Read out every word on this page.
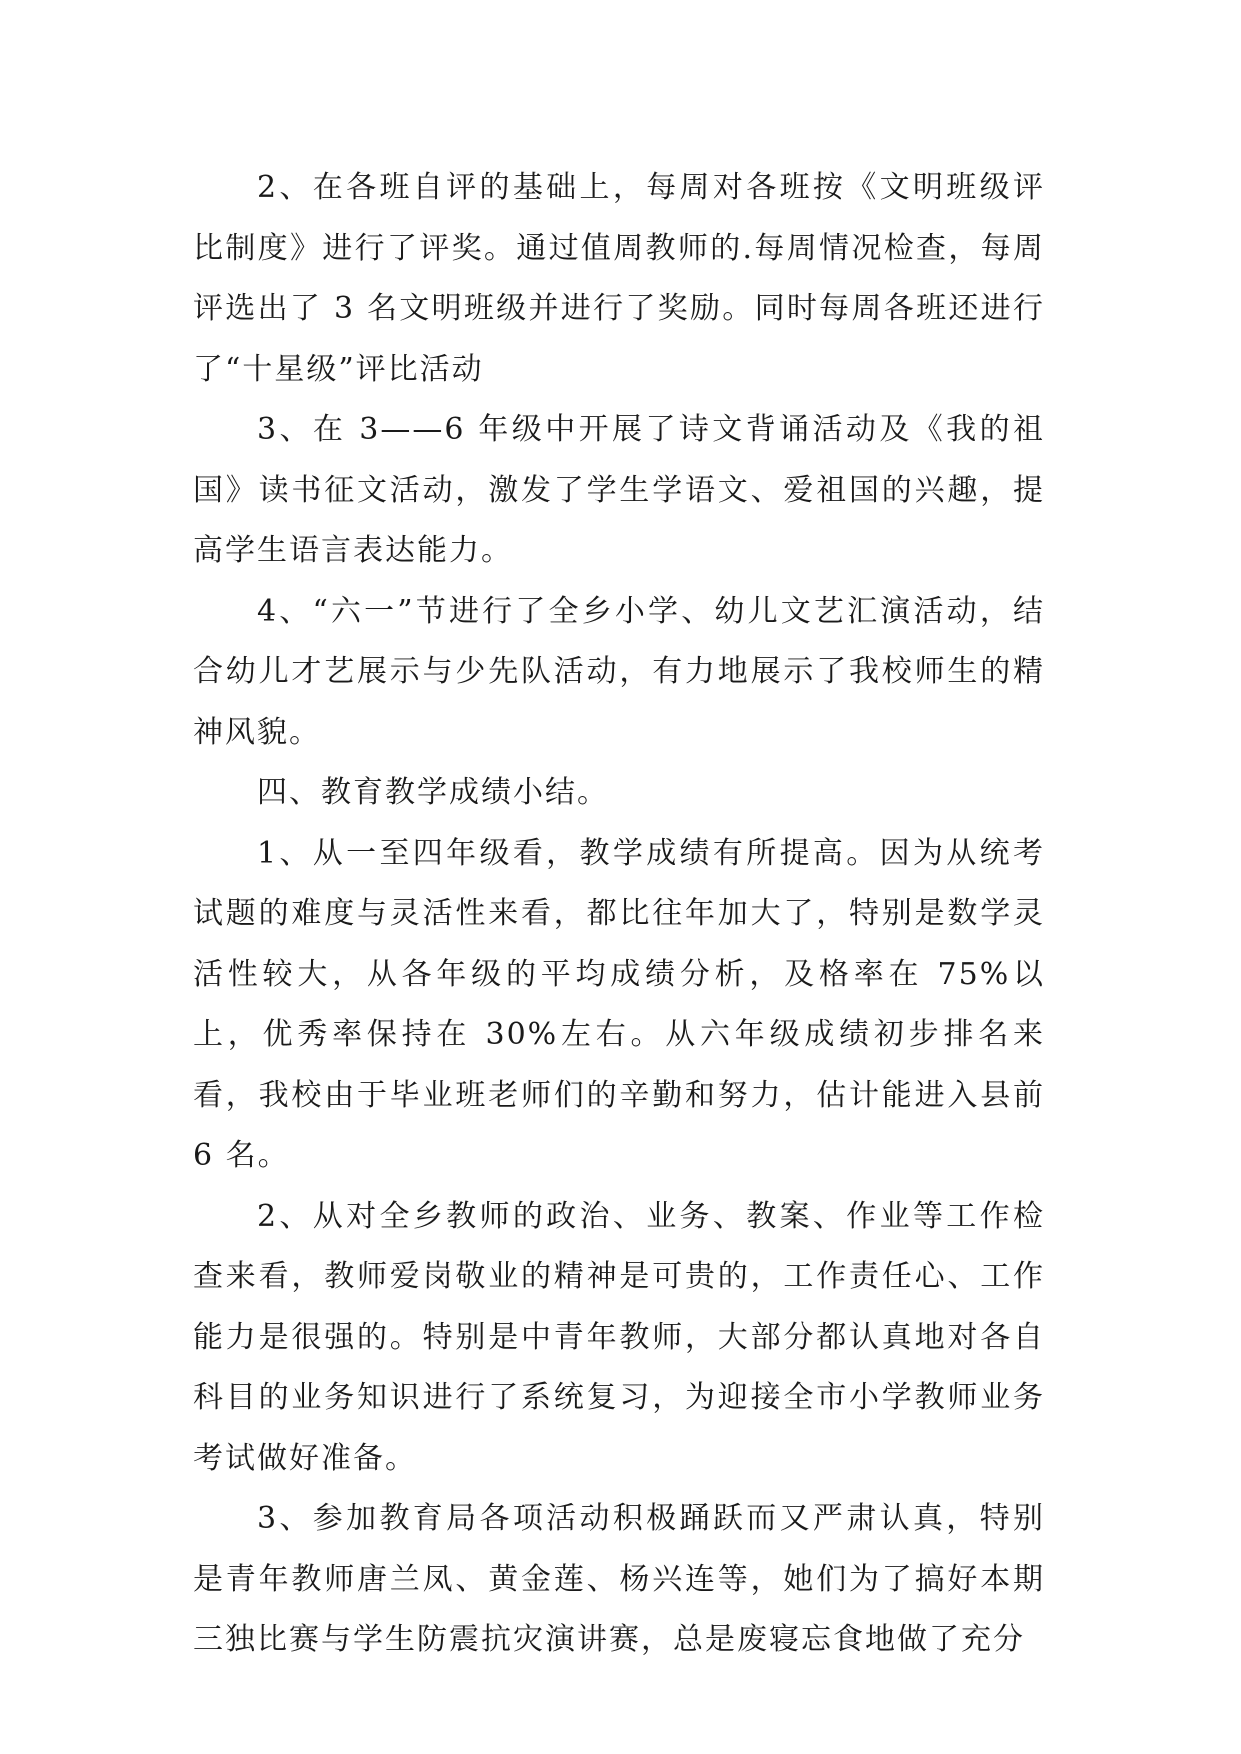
2、在各班自评的基础上，每周对各班按《文明班级评比制度》进行了评奖。通过值周教师的.每周情况检查，每周评选出了 3 名文明班级并进行了奖励。同时每周各班还进行了“十星级”评比活动

3、在 3——6 年级中开展了诗文背诵活动及《我的祖国》读书征文活动，激发了学生学语文、爱祖国的兴趣，提高学生语言表达能力。

4、“六一”节进行了全乡小学、幼儿文艺汇演活动，结合幼儿才艺展示与少先队活动，有力地展示了我校师生的精神风貌。

四、教育教学成绩小结。

1、从一至四年级看，教学成绩有所提高。因为从统考试题的难度与灵活性来看，都比往年加大了，特别是数学灵活性较大，从各年级的平均成绩分析，及格率在 75%以上，优秀率保持在 30%左右。从六年级成绩初步排名来看，我校由于毕业班老师们的辛勤和努力，估计能进入县前 6 名。

2、从对全乡教师的政治、业务、教案、作业等工作检查来看，教师爱岗敬业的精神是可贵的，工作责任心、工作能力是很强的。特别是中青年教师，大部分都认真地对各自科目的业务知识进行了系统复习，为迎接全市小学教师业务考试做好准备。

3、参加教育局各项活动积极踊跃而又严肃认真，特别是青年教师唐兰凤、黄金莲、杨兴连等，她们为了搞好本期三独比赛与学生防震抗灾演讲赛，总是废寝忘食地做了充分
